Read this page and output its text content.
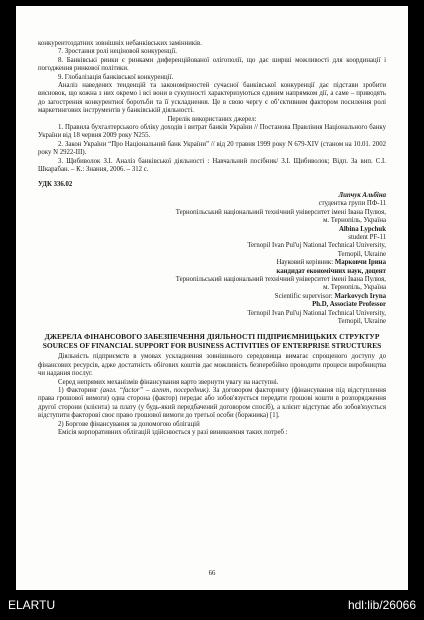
конкурентоздатних зовнішніх небанківських замінників.

7. Зростання ролі неціновой конкуренції.

8. Банківські ринки є ринками диференційованої олігополії, що дає ширші можливості для координації і погодження ринкової політики.

9. Глобалізація банківської конкуренції.

Аналіз наведених тенденцій та закономірностей сучасної банківської конкуренції дає підстави зробити висновок, що кожна з них окремо і всі вони в сукупності характеризуються єдиним напрямком дії, а саме – приводять до загострення конкурентної боротьби та її ускладнення. Це в свою чергу є об’єктивним фактором посилення ролі маркетингових інструментів у банківській діяльності.

Перелік використаних джерел:

1. Правила бухгалтерського обліку доходів і витрат банків України // Постанова Правління Національного банку України від 18 червня 2009 року N255.

2. Закон України “Про Національний банк України” // від 20 травня 1999 року N 679-XIV (станом на 10.01. 2002 року N 2922-III).

3. Щибиволок З.І. Аналіз банківської діяльності : Навчальний посібник/ З.І. Щибиволок; Відп. За вип. С.І. Шкарабан. – К.: Знання, 2006. – 312 с.

УДК 336.02

Липчук Альбіна

студентка групи ПФ-11

Тернопільський національний технічний університет імені Івана Пулюя,

м. Тернопіль, Україна

Albina Lypchuk

student PF-11

Ternopil Ivan Pul'uj National Technical University,

Ternopil, Ukraine

Науковий керівник: Марковчи Ірина

кандидат економічних наук, доцент

Тернопільський національний технічний університет імені Івана Пулюя,

м. Тернопіль, Україна

Scientific supervisor: Markovych Iryna

Ph.D, Associate Professor

Ternopil Ivan Pul'uj National Technical University,

Ternopil, Ukraine

ДЖЕРЕЛА ФІНАНСОВОГО ЗАБЕЗПЕЧЕННЯ ДІЯЛЬНОСТІ ПІДПРИЄМНИЦЬКИХ СТРУКТУР

SOURCES OF FINANCIAL SUPPORT FOR BUSINESS ACTIVITIES OF ENTERPRISE STRUCTURES

Діяльність підприємств в умовах ускладнення зовнішнього середовища вимагає спрощеного доступу до фінансових ресурсів, адже достатність обігових коштів дає можливість безперебійно проводити процеси виробництва чи надання послуг.

Серед непрямих механізмів фінансування варто звернути увагу на наступні.

1) Факторинг (англ. “factor” – агент, посередник). За договором факторингу (фінансування під відступлення права грошової вимоги) одна сторона (фактор) передає або зобов'язується передати грошові кошти в розпорядження другої сторони (клієнта) за плату (у будь-який передбачений договором спосіб), а клієнт відступає або зобов'язується відступити факторові своє право грошової вимоги до третьої особи (боржника) [1].

2) Боргове фінансування за допомогою облігацій

Емісія корпоративних облігацій здійснюється у разі виникнення таких потреб :

66
ELARTU	hdl:lib/26066
